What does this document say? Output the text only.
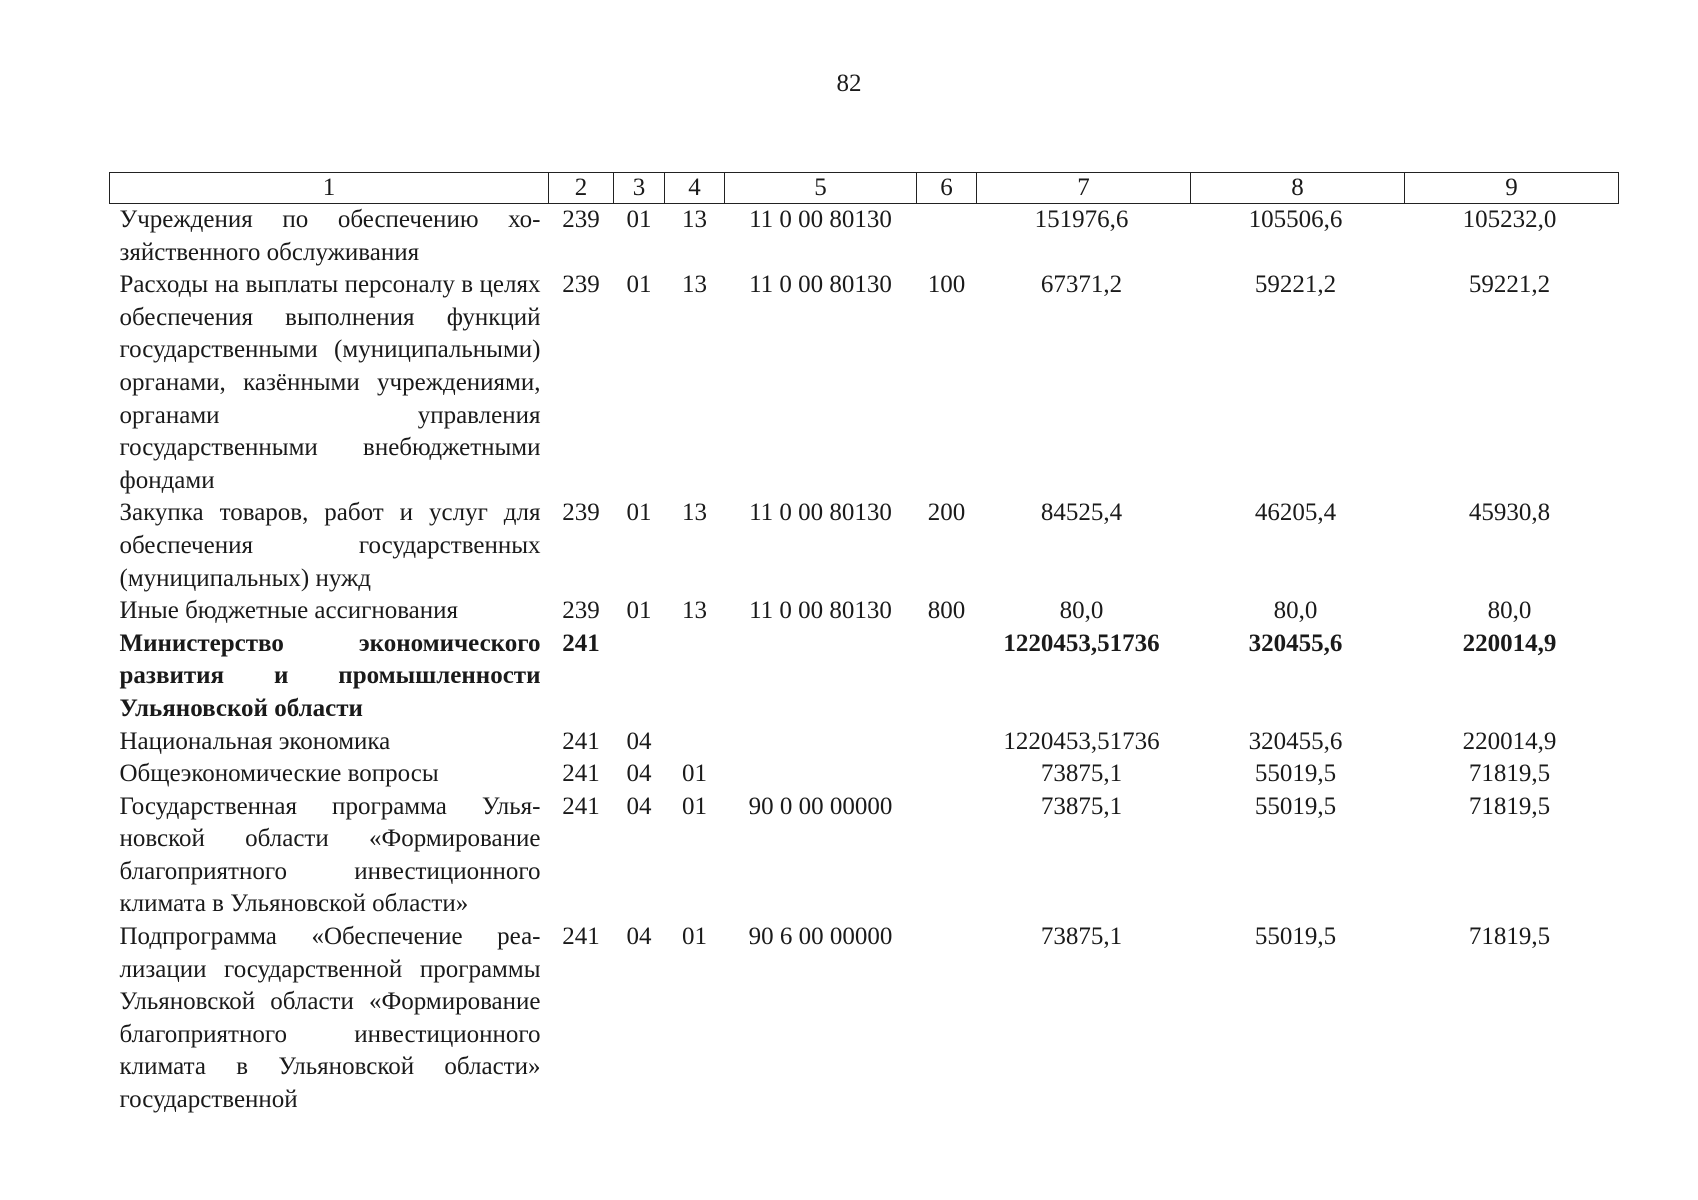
82
1	2	3	4	5	6	7	8	9
Учреждения по обеспечению хозяйственного обслуживания	239	01	13	11 0 00 80130		151976,6	105506,6	105232,0
Расходы на выплаты персоналу в целях обеспечения выполнения функций государственными (муниципальными) органами, казёнными учреждениями, органами управления государственными внебюджетными фондами	239	01	13	11 0 00 80130	100	67371,2	59221,2	59221,2
Закупка товаров, работ и услуг для обеспечения государственных (муниципальных) нужд	239	01	13	11 0 00 80130	200	84525,4	46205,4	45930,8
Иные бюджетные ассигнования	239	01	13	11 0 00 80130	800	80,0	80,0	80,0
Министерство экономического развития и промышленности Ульяновской области	241					1220453,51736	320455,6	220014,9
Национальная экономика	241	04				1220453,51736	320455,6	220014,9
Общеэкономические вопросы	241	04	01			73875,1	55019,5	71819,5
Государственная программа Ульяновской области «Формирование благоприятного инвестиционного климата в Ульяновской области»	241	04	01	90 0 00 00000		73875,1	55019,5	71819,5
Подпрограмма «Обеспечение реализации государственной программы Ульяновской области «Формирование благоприятного инвестиционного климата в Ульяновской области» государственной	241	04	01	90 6 00 00000		73875,1	55019,5	71819,5
